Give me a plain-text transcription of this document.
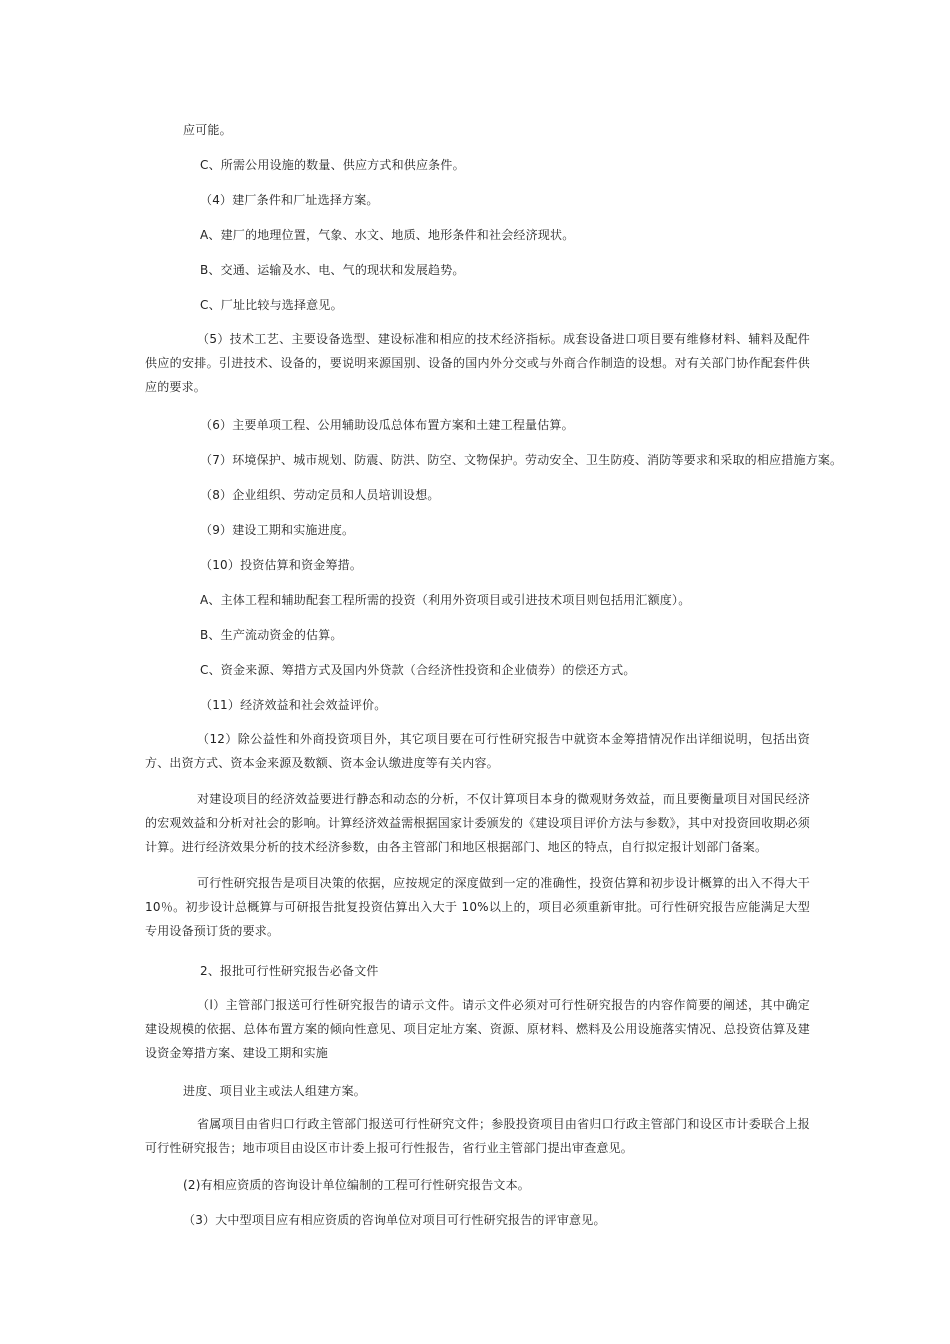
应可能。
C、所需公用设施的数量、供应方式和供应条件。
（4）建厂条件和厂址选择方案。
A、建厂的地理位置，气象、水文、地质、地形条件和社会经济现状。
B、交通、运输及水、电、气的现状和发展趋势。
C、厂址比较与选择意见。
（5）技术工艺、主要设备选型、建设标准和相应的技术经济指标。成套设备进口项目要有维修材料、辅料及配件供应的安排。引进技术、设备的，要说明来源国别、设备的国内外分交或与外商合作制造的设想。对有关部门协作配套件供应的要求。
（6）主要单项工程、公用辅助设瓜总体布置方案和土建工程量估算。
（7）环境保护、城市规划、防震、防洪、防空、文物保护。劳动安全、卫生防疫、消防等要求和采取的相应措施方案。
（8）企业组织、劳动定员和人员培训设想。
（9）建设工期和实施进度。
（10）投资估算和资金筹措。
A、主体工程和辅助配套工程所需的投资（利用外资项目或引进技术项目则包括用汇额度）。
B、生产流动资金的估算。
C、资金来源、筹措方式及国内外贷款（合经济性投资和企业债券）的偿还方式。
（11）经济效益和社会效益评价。
（12）除公益性和外商投资项目外，其它项目要在可行性研究报告中就资本金筹措情况作出详细说明，包括出资方、出资方式、资本金来源及数额、资本金认缴进度等有关内容。
对建设项目的经济效益要进行静态和动态的分析，不仅计算项目本身的微观财务效益，而且要衡量项目对国民经济的宏观效益和分析对社会的影响。计算经济效益需根据国家计委颁发的《建设项目评价方法与参数》，其中对投资回收期必须计算。进行经济效果分析的技术经济参数，由各主管部门和地区根据部门、地区的特点，自行拟定报计划部门备案。
可行性研究报告是项目决策的依据，应按规定的深度做到一定的准确性，投资估算和初步设计概算的出入不得大干 10％。初步设计总概算与可研报告批复投资估算出入大于 10%以上的，项目必须重新审批。可行性研究报告应能满足大型专用设备预订货的要求。
2、报批可行性研究报告必备文件
（l）主管部门报送可行性研究报告的请示文件。请示文件必须对可行性研究报告的内容作简要的阐述，其中确定建设规模的依据、总体布置方案的倾向性意见、项目定址方案、资源、原材料、燃料及公用设施落实情况、总投资估算及建设资金筹措方案、建设工期和实施
进度、项目业主或法人组建方案。
省属项目由省归口行政主管部门报送可行性研究文件；参股投资项目由省归口行政主管部门和设区市计委联合上报可行性研究报告；地市项目由设区市计委上报可行性报告，省行业主管部门提出审查意见。
(2)有相应资质的咨询设计单位编制的工程可行性研究报告文本。
（3）大中型项目应有相应资质的咨询单位对项目可行性研究报告的评审意见。
